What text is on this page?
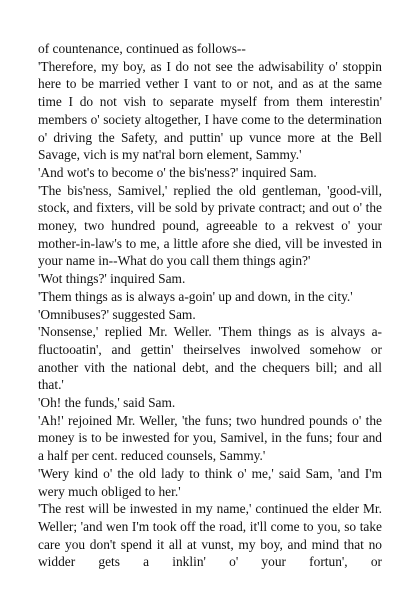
of countenance, continued as follows--

'Therefore, my boy, as I do not see the adwisability o' stoppin here to be married vether I vant to or not, and as at the same time I do not vish to separate myself from them interestin' members o' society altogether, I have come to the determination o' driving the Safety, and puttin' up vunce more at the Bell Savage, vich is my nat'ral born element, Sammy.'

'And wot's to become o' the bis'ness?' inquired Sam.

'The bis'ness, Samivel,' replied the old gentleman, 'good-vill, stock, and fixters, vill be sold by private contract; and out o' the money, two hundred pound, agreeable to a rekvest o' your mother-in-law's to me, a little afore she died, vill be invested in your name in--What do you call them things agin?'

'Wot things?' inquired Sam.

'Them things as is always a-goin' up and down, in the city.'

'Omnibuses?' suggested Sam.

'Nonsense,' replied Mr. Weller. 'Them things as is alvays a-fluctooatin', and gettin' theirselves inwolved somehow or another vith the national debt, and the chequers bill; and all that.'

'Oh! the funds,' said Sam.

'Ah!' rejoined Mr. Weller, 'the funs; two hundred pounds o' the money is to be inwested for you, Samivel, in the funs; four and a half per cent. reduced counsels, Sammy.'

'Wery kind o' the old lady to think o' me,' said Sam, 'and I'm wery much obliged to her.'

'The rest will be inwested in my name,' continued the elder Mr. Weller; 'and wen I'm took off the road, it'll come to you, so take care you don't spend it all at vunst, my boy, and mind that no widder gets a inklin' o' your fortun', or
